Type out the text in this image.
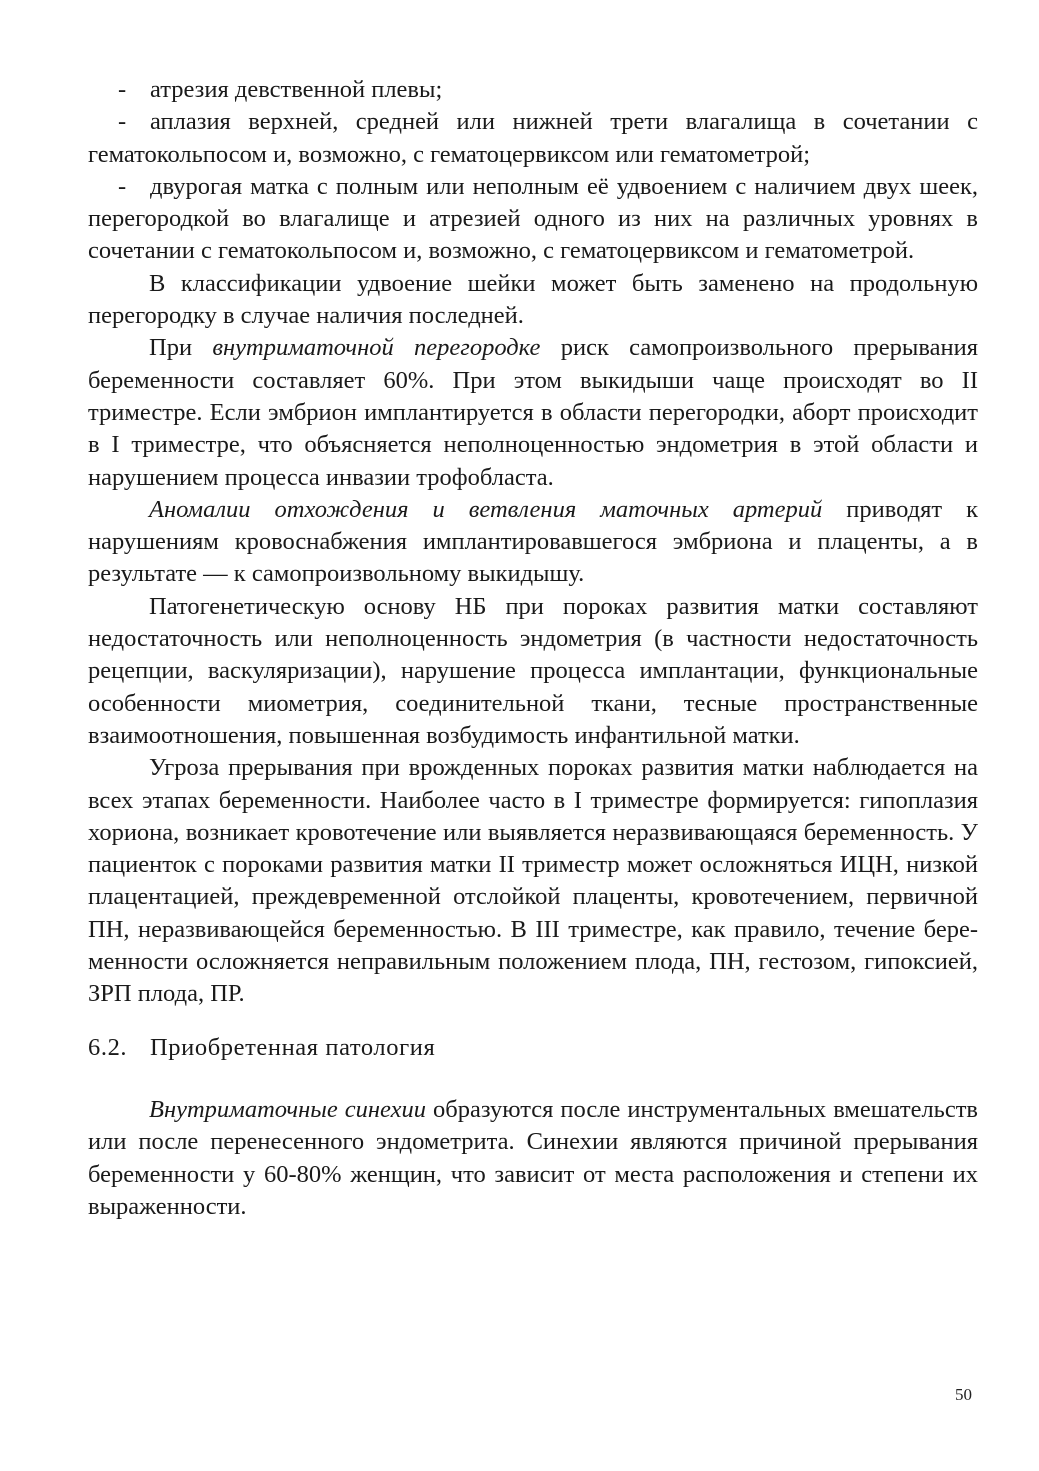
- атрезия девственной плевы;

- аплазия верхней, средней или нижней трети влагалища в сочетании с гематокольпосом и, возможно, с гематоцервиксом или гематометрой;

- двурогая матка с полным или неполным её удвоением с наличием двух шеек, перегородкой во влагалище и атрезией одного из них на различных уровнях в сочетании с гематокольпосом и, возможно, с гематоцервиксом и гематометрой.

В классификации удвоение шейки может быть заменено на продольную перегородку в случае наличия последней.

При внутриматочной перегородке риск самопроизвольного прерывания беременности составляет 60%. При этом выкидыши чаще происходят во II триместре. Если эмбрион имплантируется в области перегородки, аборт происходит в I триместре, что объясняется неполноценностью эндометрия в этой области и нарушением процесса инвазии трофобласта.

Аномалии отхождения и ветвления маточных артерий приводят к нарушениям кровоснабжения имплантировавшегося эмбриона и плаценты, а в результате — к самопроизвольному выкидышу.

Патогенетическую основу НБ при пороках развития матки составляют недостаточность или неполноценность эндометрия (в частности недостаточность рецепции, васкуляризации), нарушение процесса имплантации, функциональные особенности миометрия, соединительной ткани, тесные пространственные взаимоотношения, повышенная возбудимость инфантильной матки.

Угроза прерывания при врожденных пороках развития матки наблюдается на всех этапах беременности. Наиболее часто в I триместре формируется: гипоплазия хориона, возникает кровотечение или выявляется неразвивающаяся беременность. У пациенток с пороками развития матки II триместр может осложняться ИЦН, низкой плацентацией, преждевременной отслойкой плаценты, кровотечением, первичной ПН, неразвивающейся беременностью. В III триместре, как правило, течение беременности осложняется неправильным положением плода, ПН, гестозом, гипоксией, ЗРП плода, ПР.

6.2. Приобретенная патология

Внутриматочные синехии образуются после инструментальных вмешательств или после перенесенного эндометрита. Синехии являются причиной прерывания беременности у 60-80% женщин, что зависит от места расположения и степени их выраженности.

50
